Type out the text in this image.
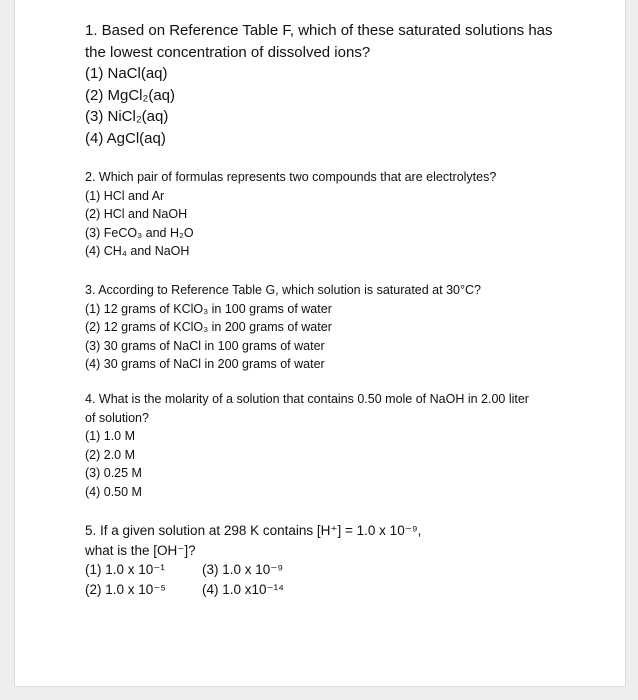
1. Based on Reference Table F, which of these saturated solutions has
the lowest concentration of dissolved ions?
(1) NaCl(aq)
(2) MgCl₂(aq)
(3) NiCl₂(aq)
(4) AgCl(aq)
2. Which pair of formulas represents two compounds that are electrolytes?
(1) HCl and Ar
(2) HCl and NaOH
(3) FeCO₃ and H₂O
(4) CH₄ and NaOH
3. According to Reference Table G, which solution is saturated at 30°C?
(1) 12 grams of KClO₃ in 100 grams of water
(2) 12 grams of KClO₃ in 200 grams of water
(3) 30 grams of NaCl in 100 grams of water
(4) 30 grams of NaCl in 200 grams of water
4. What is the molarity of a solution that contains 0.50 mole of NaOH in 2.00 liter
of solution?
(1) 1.0 M
(2) 2.0 M
(3) 0.25 M
(4) 0.50 M
5. If a given solution at 298 K contains [H⁺] = 1.0 x 10⁻⁹,
what is the [OH⁻]?
(1) 1.0 x 10⁻¹	(3) 1.0 x 10⁻⁹
(2) 1.0 x 10⁻⁵	(4) 1.0 x10⁻¹⁴
